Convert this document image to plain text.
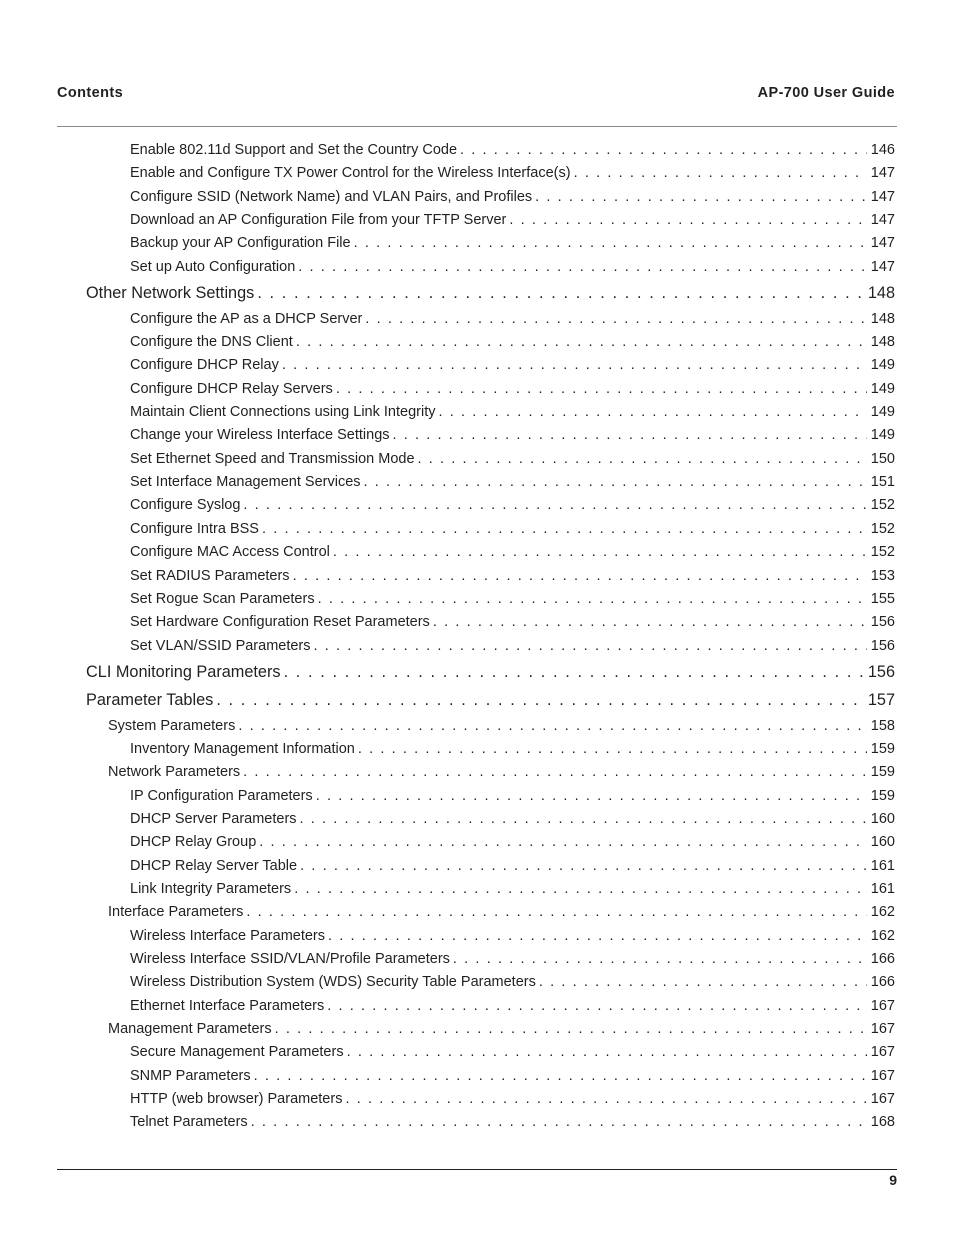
Contents	AP-700 User Guide
Enable 802.11d Support and Set the Country Code . . .	146
Enable and Configure TX Power Control for the Wireless Interface(s) . . .	147
Configure SSID (Network Name) and VLAN Pairs, and Profiles . . .	147
Download an AP Configuration File from your TFTP Server . . .	147
Backup your AP Configuration File . . .	147
Set up Auto Configuration . . .	147
Other Network Settings . . .	148
Configure the AP as a DHCP Server . . .	148
Configure the DNS Client . . .	148
Configure DHCP Relay . . .	149
Configure DHCP Relay Servers . . .	149
Maintain Client Connections using Link Integrity . . .	149
Change your Wireless Interface Settings . . .	149
Set Ethernet Speed and Transmission Mode . . .	150
Set Interface Management Services . . .	151
Configure Syslog . . .	152
Configure Intra BSS . . .	152
Configure MAC Access Control . . .	152
Set RADIUS Parameters . . .	153
Set Rogue Scan Parameters . . .	155
Set Hardware Configuration Reset Parameters . . .	156
Set VLAN/SSID Parameters . . .	156
CLI Monitoring Parameters . . .	156
Parameter Tables . . .	157
System Parameters . . .	158
Inventory Management Information . . .	159
Network Parameters . . .	159
IP Configuration Parameters . . .	159
DHCP Server Parameters . . .	160
DHCP Relay Group . . .	160
DHCP Relay Server Table . . .	161
Link Integrity Parameters . . .	161
Interface Parameters . . .	162
Wireless Interface Parameters . . .	162
Wireless Interface SSID/VLAN/Profile Parameters . . .	166
Wireless Distribution System (WDS) Security Table Parameters . . .	166
Ethernet Interface Parameters . . .	167
Management Parameters . . .	167
Secure Management Parameters . . .	167
SNMP Parameters . . .	167
HTTP (web browser) Parameters . . .	167
Telnet Parameters . . .	168
9
